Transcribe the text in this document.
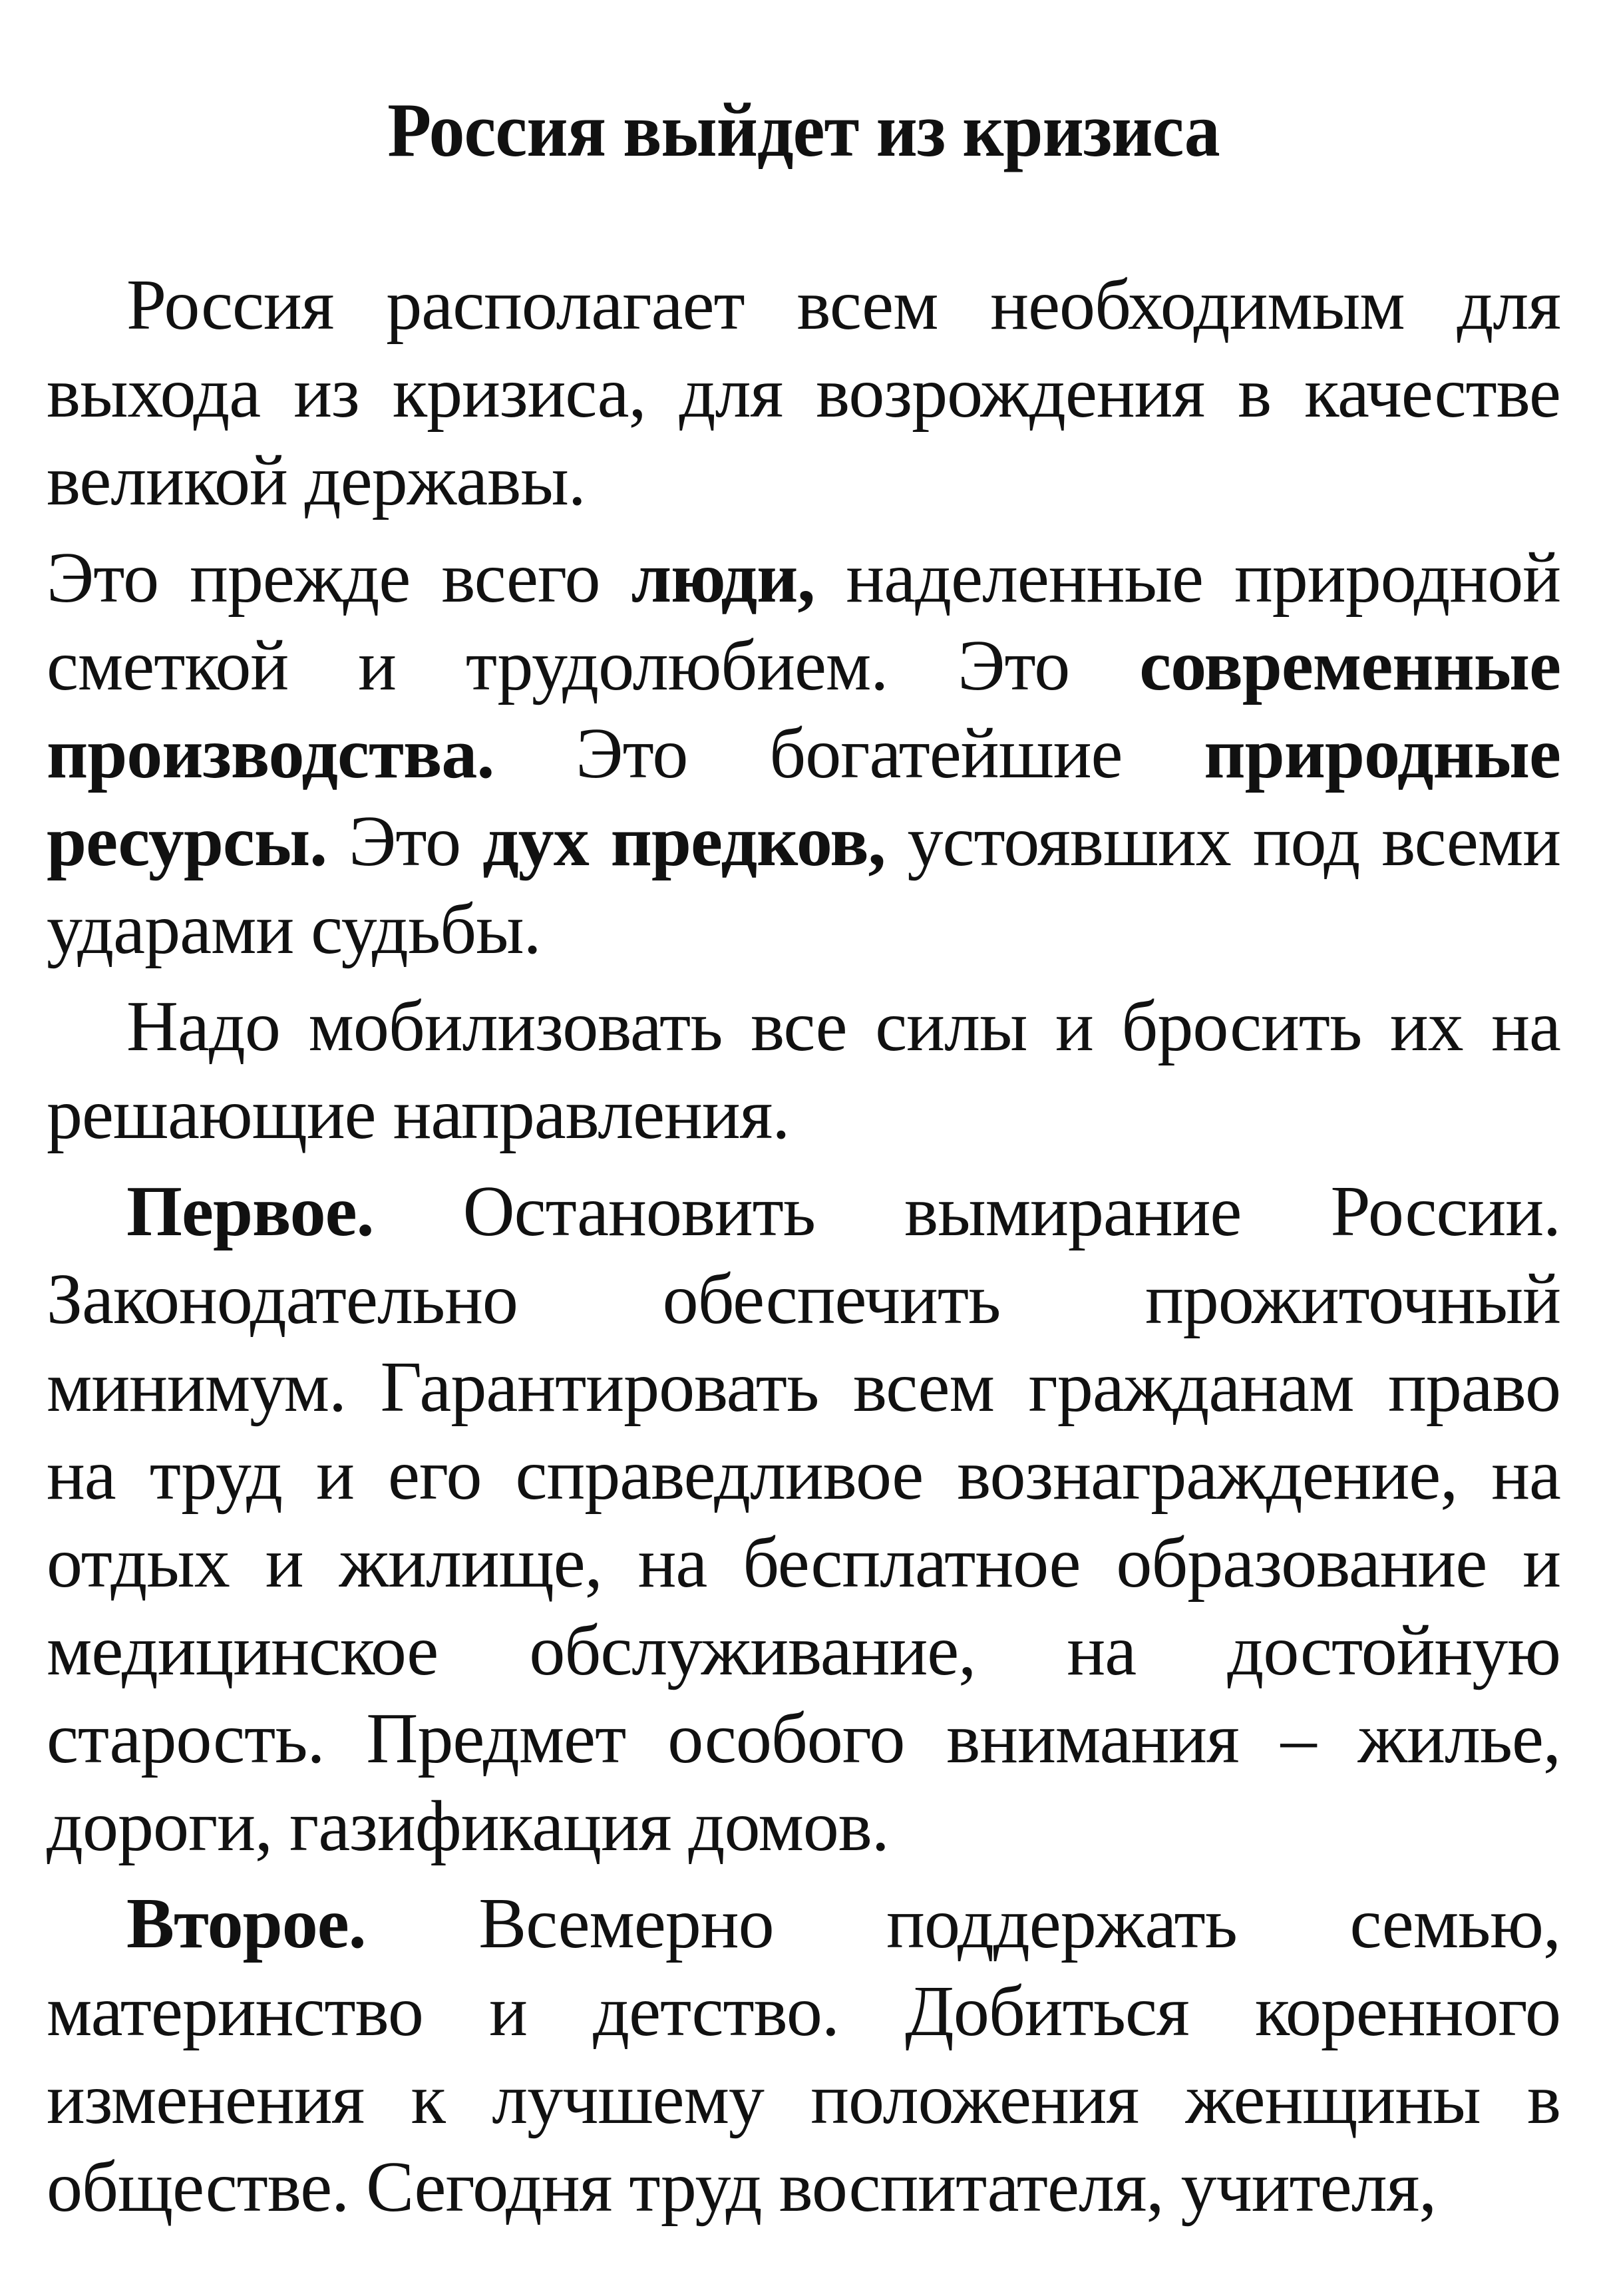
Россия выйдет из кризиса

Россия располагает всем необходимым для выхода из кризиса, для возрождения в качестве великой державы.

Это прежде всего люди, наделенные природной сметкой и трудолюбием. Это современные производства. Это богатейшие природные ресурсы. Это дух предков, устоявших под всеми ударами судьбы.

Надо мобилизовать все силы и бросить их на решающие направления.

Первое. Остановить вымирание России. Законодательно обеспечить прожиточный минимум. Гарантировать всем гражданам право на труд и его справедливое вознаграждение, на отдых и жилище, на бесплатное образование и медицинское обслуживание, на достойную старость. Предмет особого внимания – жилье, дороги, газификация домов.

Второе. Всемерно поддержать семью, материнство и детство. Добиться коренного изменения к лучшему положения женщины в обществе. Сегодня труд воспитателя, учителя,
